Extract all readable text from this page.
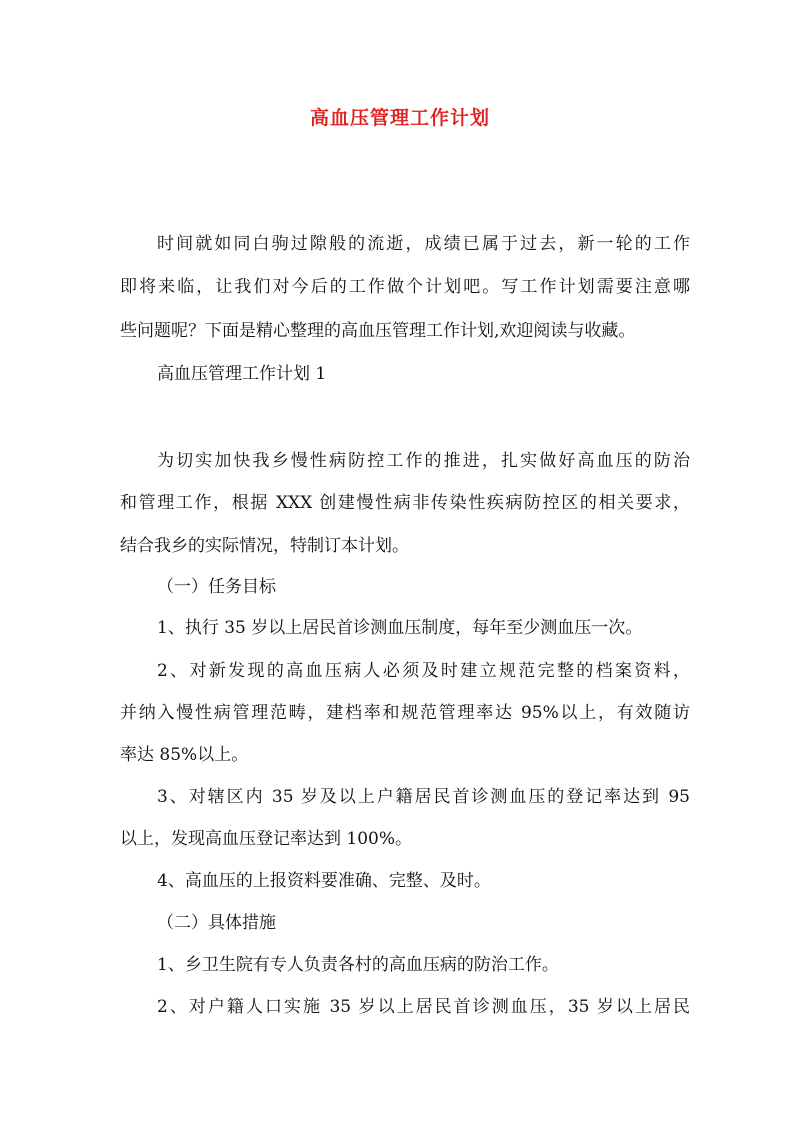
高血压管理工作计划
时间就如同白驹过隙般的流逝，成绩已属于过去，新一轮的工作
即将来临，让我们对今后的工作做个计划吧。写工作计划需要注意哪
些问题呢？下面是精心整理的高血压管理工作计划,欢迎阅读与收藏。
高血压管理工作计划 1
为切实加快我乡慢性病防控工作的推进，扎实做好高血压的防治
和管理工作，根据 XXX 创建慢性病非传染性疾病防控区的相关要求，
结合我乡的实际情况，特制订本计划。
（一）任务目标
1、执行 35 岁以上居民首诊测血压制度，每年至少测血压一次。
2、对新发现的高血压病人必须及时建立规范完整的档案资料，
并纳入慢性病管理范畴，建档率和规范管理率达 95%以上，有效随访
率达 85%以上。
3、对辖区内 35 岁及以上户籍居民首诊测血压的登记率达到 95
以上，发现高血压登记率达到 100%。
4、高血压的上报资料要准确、完整、及时。
（二）具体措施
1、乡卫生院有专人负责各村的高血压病的防治工作。
2、对户籍人口实施 35 岁以上居民首诊测血压，35 岁以上居民
